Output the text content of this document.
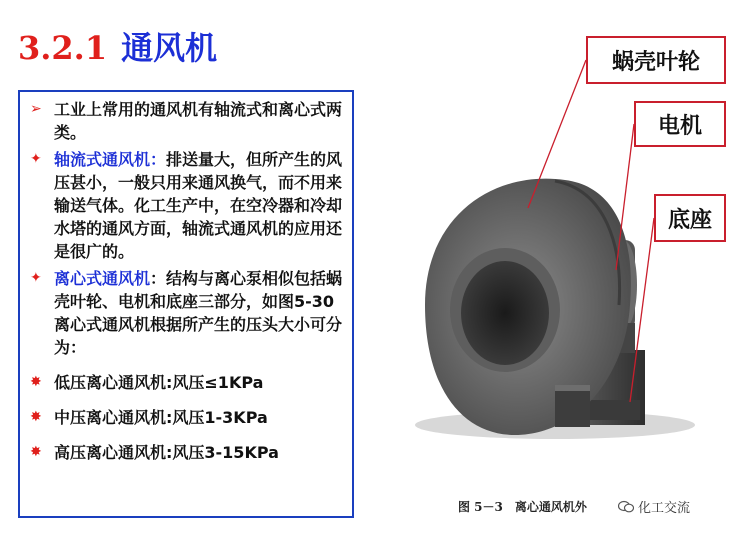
3.2.1 通风机
➢ 工业上常用的通风机有轴流式和离心式两类。
✦ 轴流式通风机：排送量大，但所产生的风压甚小，一般只用来通风换气，而不用来输送气体。化工生产中，在空冷器和冷却水塔的通风方面，轴流式通风机的应用还是很广的。
✦ 离心式通风机：结构与离心泵相似包括蜗壳叶轮、电机和底座三部分，如图5-30离心式通风机根据所产生的压头大小可分为：
✸ 低压离心通风机:风压≤1KPa
✸ 中压离心通风机:风压1-3KPa
✸ 高压离心通风机:风压3-15KPa
蜗壳叶轮
电机
底座
图 5－3　离心通风机外	化工交流
